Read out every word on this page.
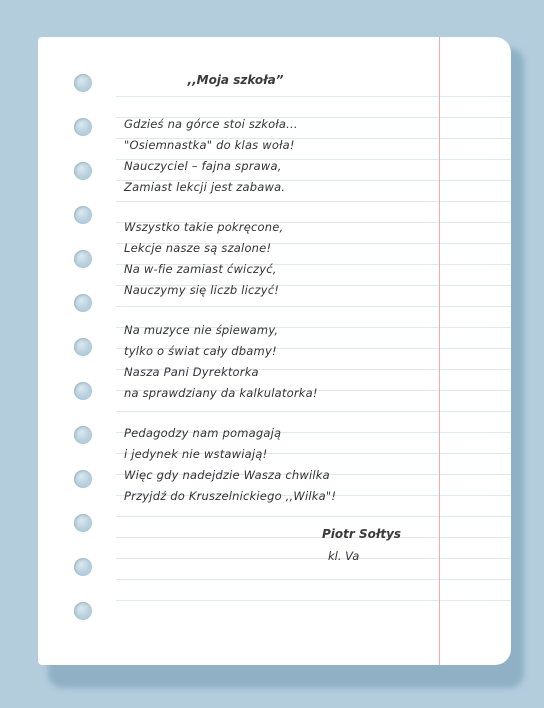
,,Moja szkoła”
Gdzieś na górce stoi szkoła...
"Osiemnastka" do klas woła!
Nauczyciel – fajna sprawa,
Zamiast lekcji jest zabawa.
Wszystko takie pokręcone,
Lekcje nasze są szalone!
Na w-fie zamiast ćwiczyć,
Nauczymy się liczb liczyć!
Na muzyce nie śpiewamy,
tylko o świat cały dbamy!
Nasza Pani Dyrektorka
na sprawdziany da kalkulatorka!
Pedagodzy nam pomagają
i jedynek nie wstawiają!
Więc gdy nadejdzie Wasza chwilka
Przyjdź do Kruszelnickiego ,,Wilka"!
Piotr Sołtys
kl. Va
